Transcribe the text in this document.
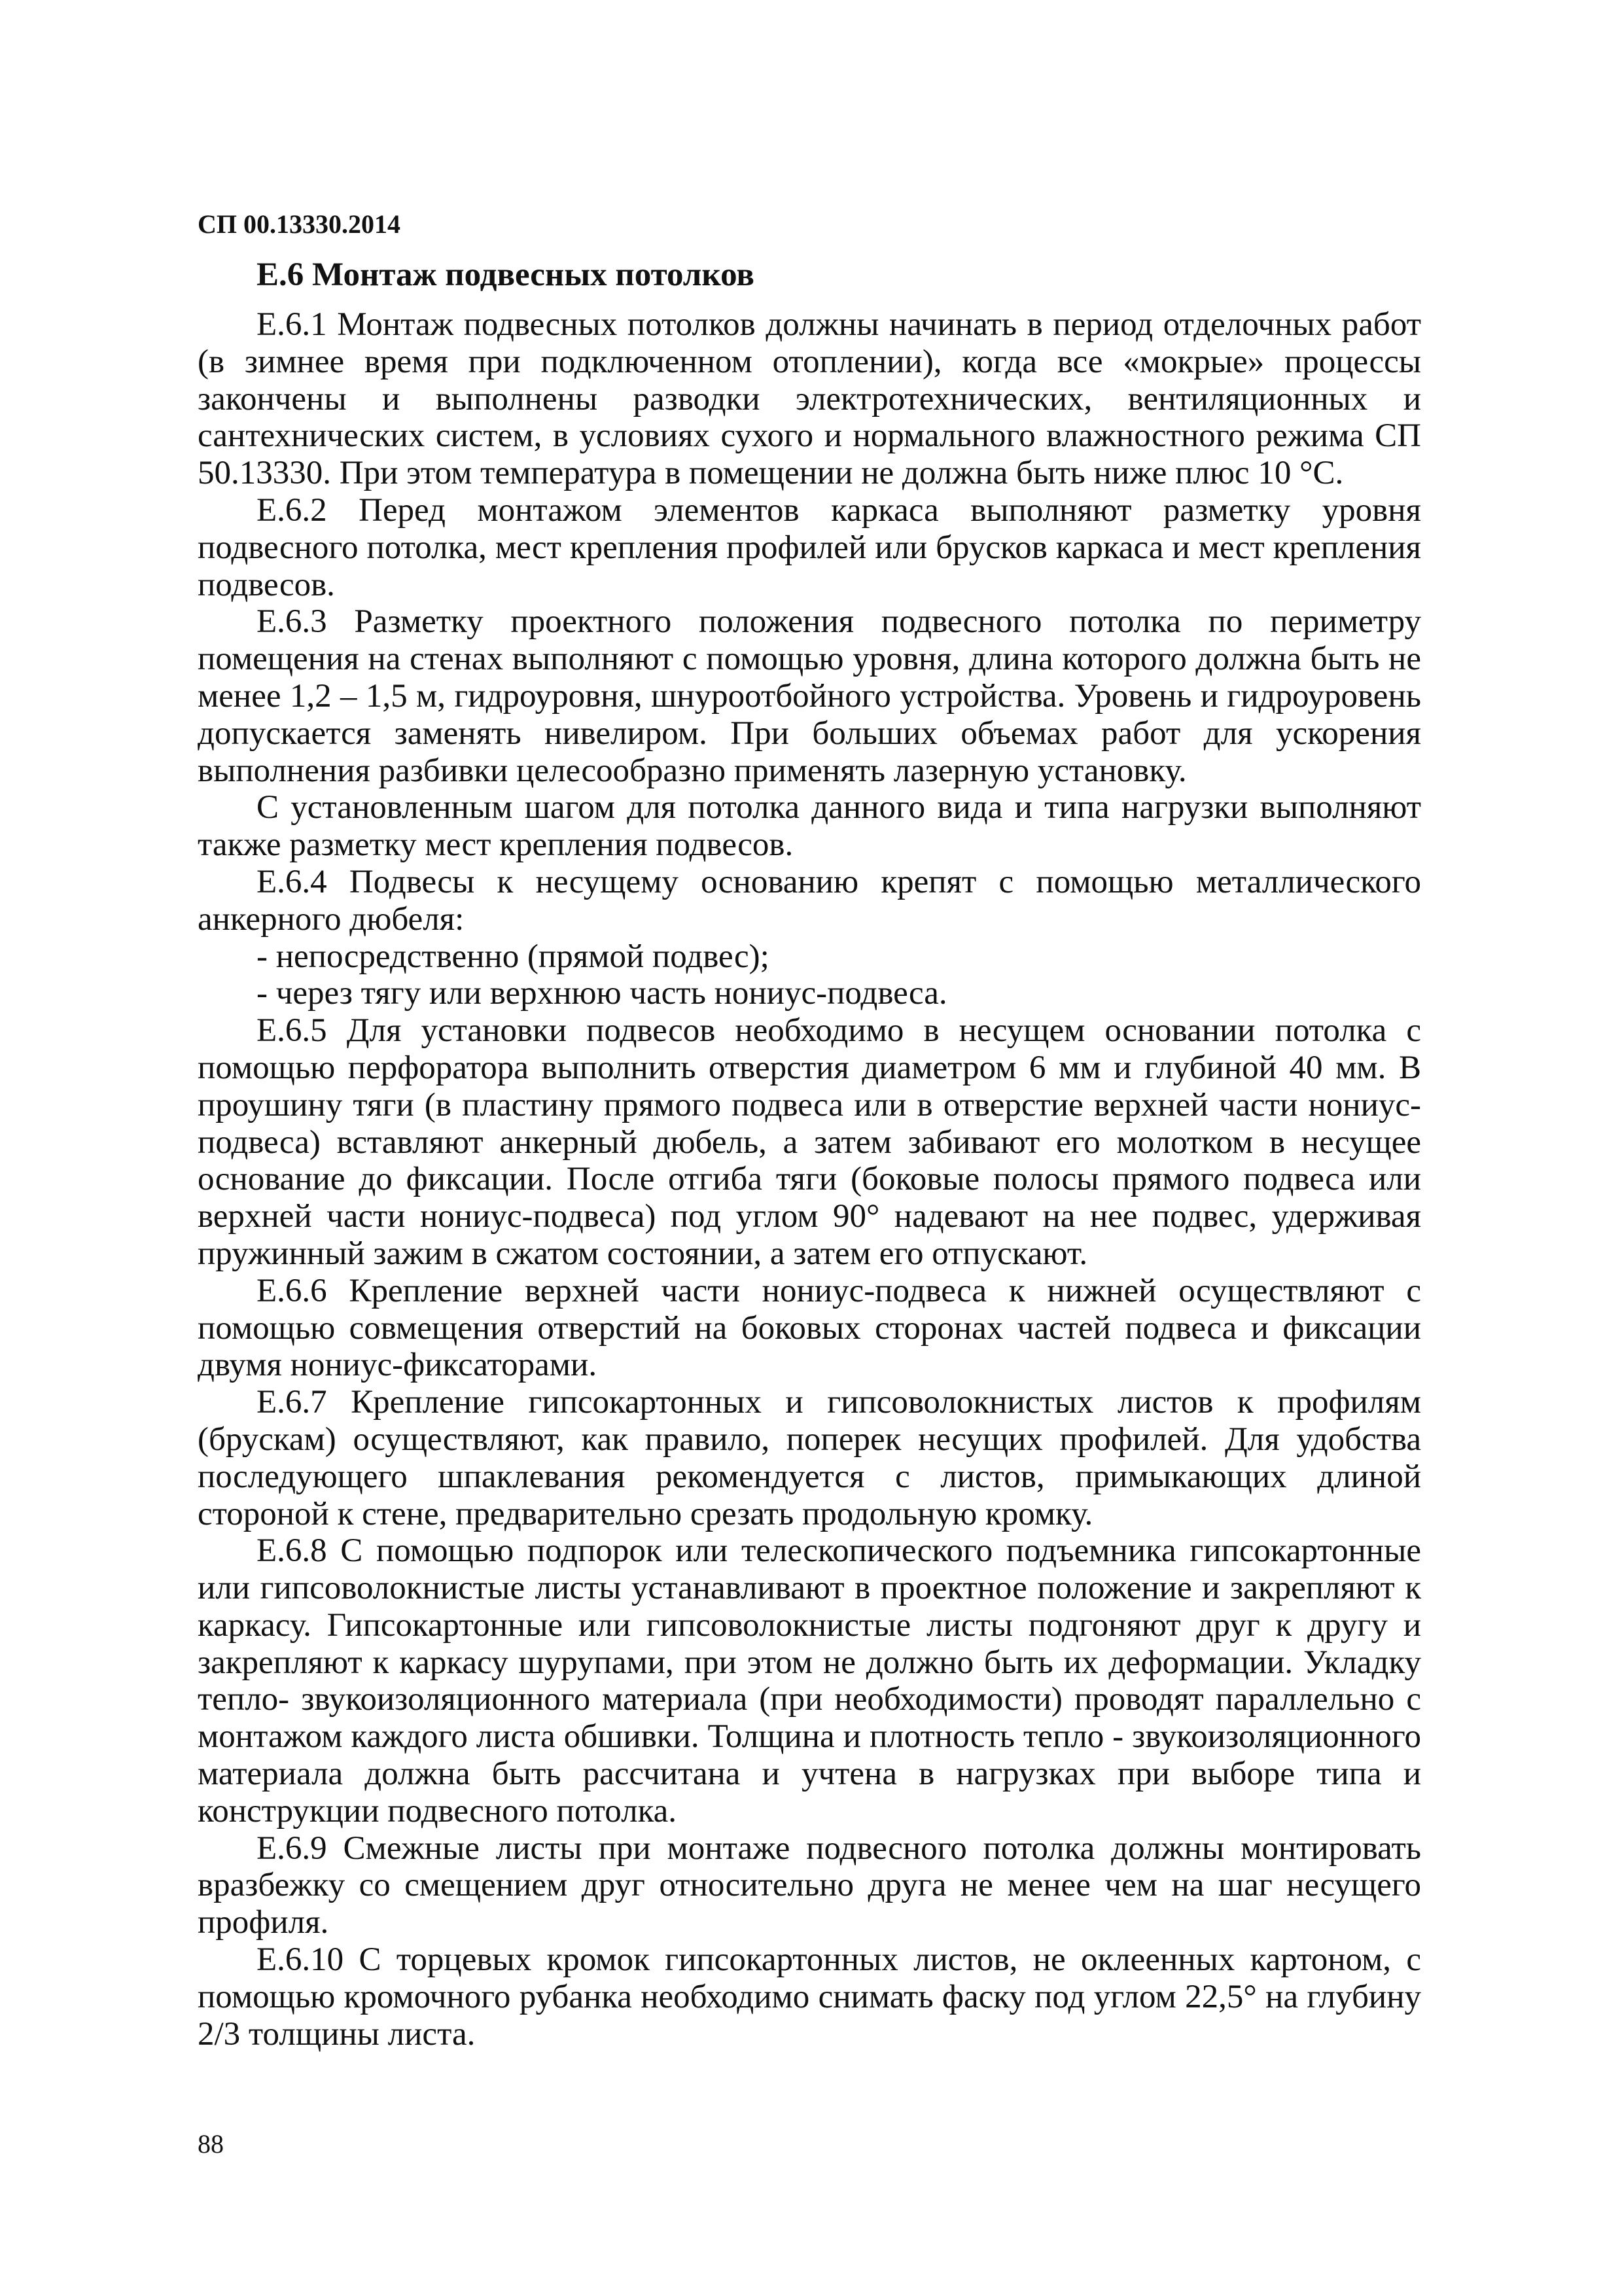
СП 00.13330.2014

Е.6 Монтаж подвесных потолков

Е.6.1 Монтаж подвесных потолков должны начинать в период отделочных работ (в зимнее время при подключенном отоплении), когда все «мокрые» процессы закончены и выполнены разводки электротехнических, вентиляционных и сантехнических систем, в условиях сухого и нормального влажностного режима СП 50.13330. При этом температура в помещении не должна быть ниже плюс 10 °С.

Е.6.2 Перед монтажом элементов каркаса выполняют разметку уровня подвесного потолка, мест крепления профилей или брусков каркаса и мест крепления подвесов.

Е.6.3 Разметку проектного положения подвесного потолка по периметру помещения на стенах выполняют с помощью уровня, длина которого должна быть не менее 1,2 – 1,5 м, гидроуровня, шнуроотбойного устройства. Уровень и гидроуровень допускается заменять нивелиром. При больших объемах работ для ускорения выполнения разбивки целесообразно применять лазерную установку.

С установленным шагом для потолка данного вида и типа нагрузки выполняют также разметку мест крепления подвесов.

Е.6.4 Подвесы к несущему основанию крепят с помощью металлического анкерного дюбеля:

- непосредственно (прямой подвес);

- через тягу или верхнюю часть нониус-подвеса.

Е.6.5 Для установки подвесов необходимо в несущем основании потолка с помощью перфоратора выполнить отверстия диаметром 6 мм и глубиной 40 мм. В проушину тяги (в пластину прямого подвеса или в отверстие верхней части нониус-подвеса) вставляют анкерный дюбель, а затем забивают его молотком в несущее основание до фиксации. После отгиба тяги (боковые полосы прямого подвеса или верхней части нониус-подвеса) под углом 90° надевают на нее подвес, удерживая пружинный зажим в сжатом состоянии, а затем его отпускают.

Е.6.6 Крепление верхней части нониус-подвеса к нижней осуществляют с помощью совмещения отверстий на боковых сторонах частей подвеса и фиксации двумя нониус-фиксаторами.

Е.6.7 Крепление гипсокартонных и гипсоволокнистых листов к профилям (брускам) осуществляют, как правило, поперек несущих профилей. Для удобства последующего шпаклевания рекомендуется с листов, примыкающих длиной стороной к стене, предварительно срезать продольную кромку.

Е.6.8 С помощью подпорок или телескопического подъемника гипсокартонные или гипсоволокнистые листы устанавливают в проектное положение и закрепляют к каркасу. Гипсокартонные или гипсоволокнистые листы подгоняют друг к другу и закрепляют к каркасу шурупами, при этом не должно быть их деформации. Укладку тепло- звукоизоляционного материала (при необходимости) проводят параллельно с монтажом каждого листа обшивки. Толщина и плотность тепло - звукоизоляционного материала должна быть рассчитана и учтена в нагрузках при выборе типа и конструкции подвесного потолка.

Е.6.9 Смежные листы при монтаже подвесного потолка должны монтировать вразбежку со смещением друг относительно друга не менее чем на шаг несущего профиля.

Е.6.10 С торцевых кромок гипсокартонных листов, не оклеенных картоном, с помощью кромочного рубанка необходимо снимать фаску под углом 22,5° на глубину 2/3 толщины листа.

88
